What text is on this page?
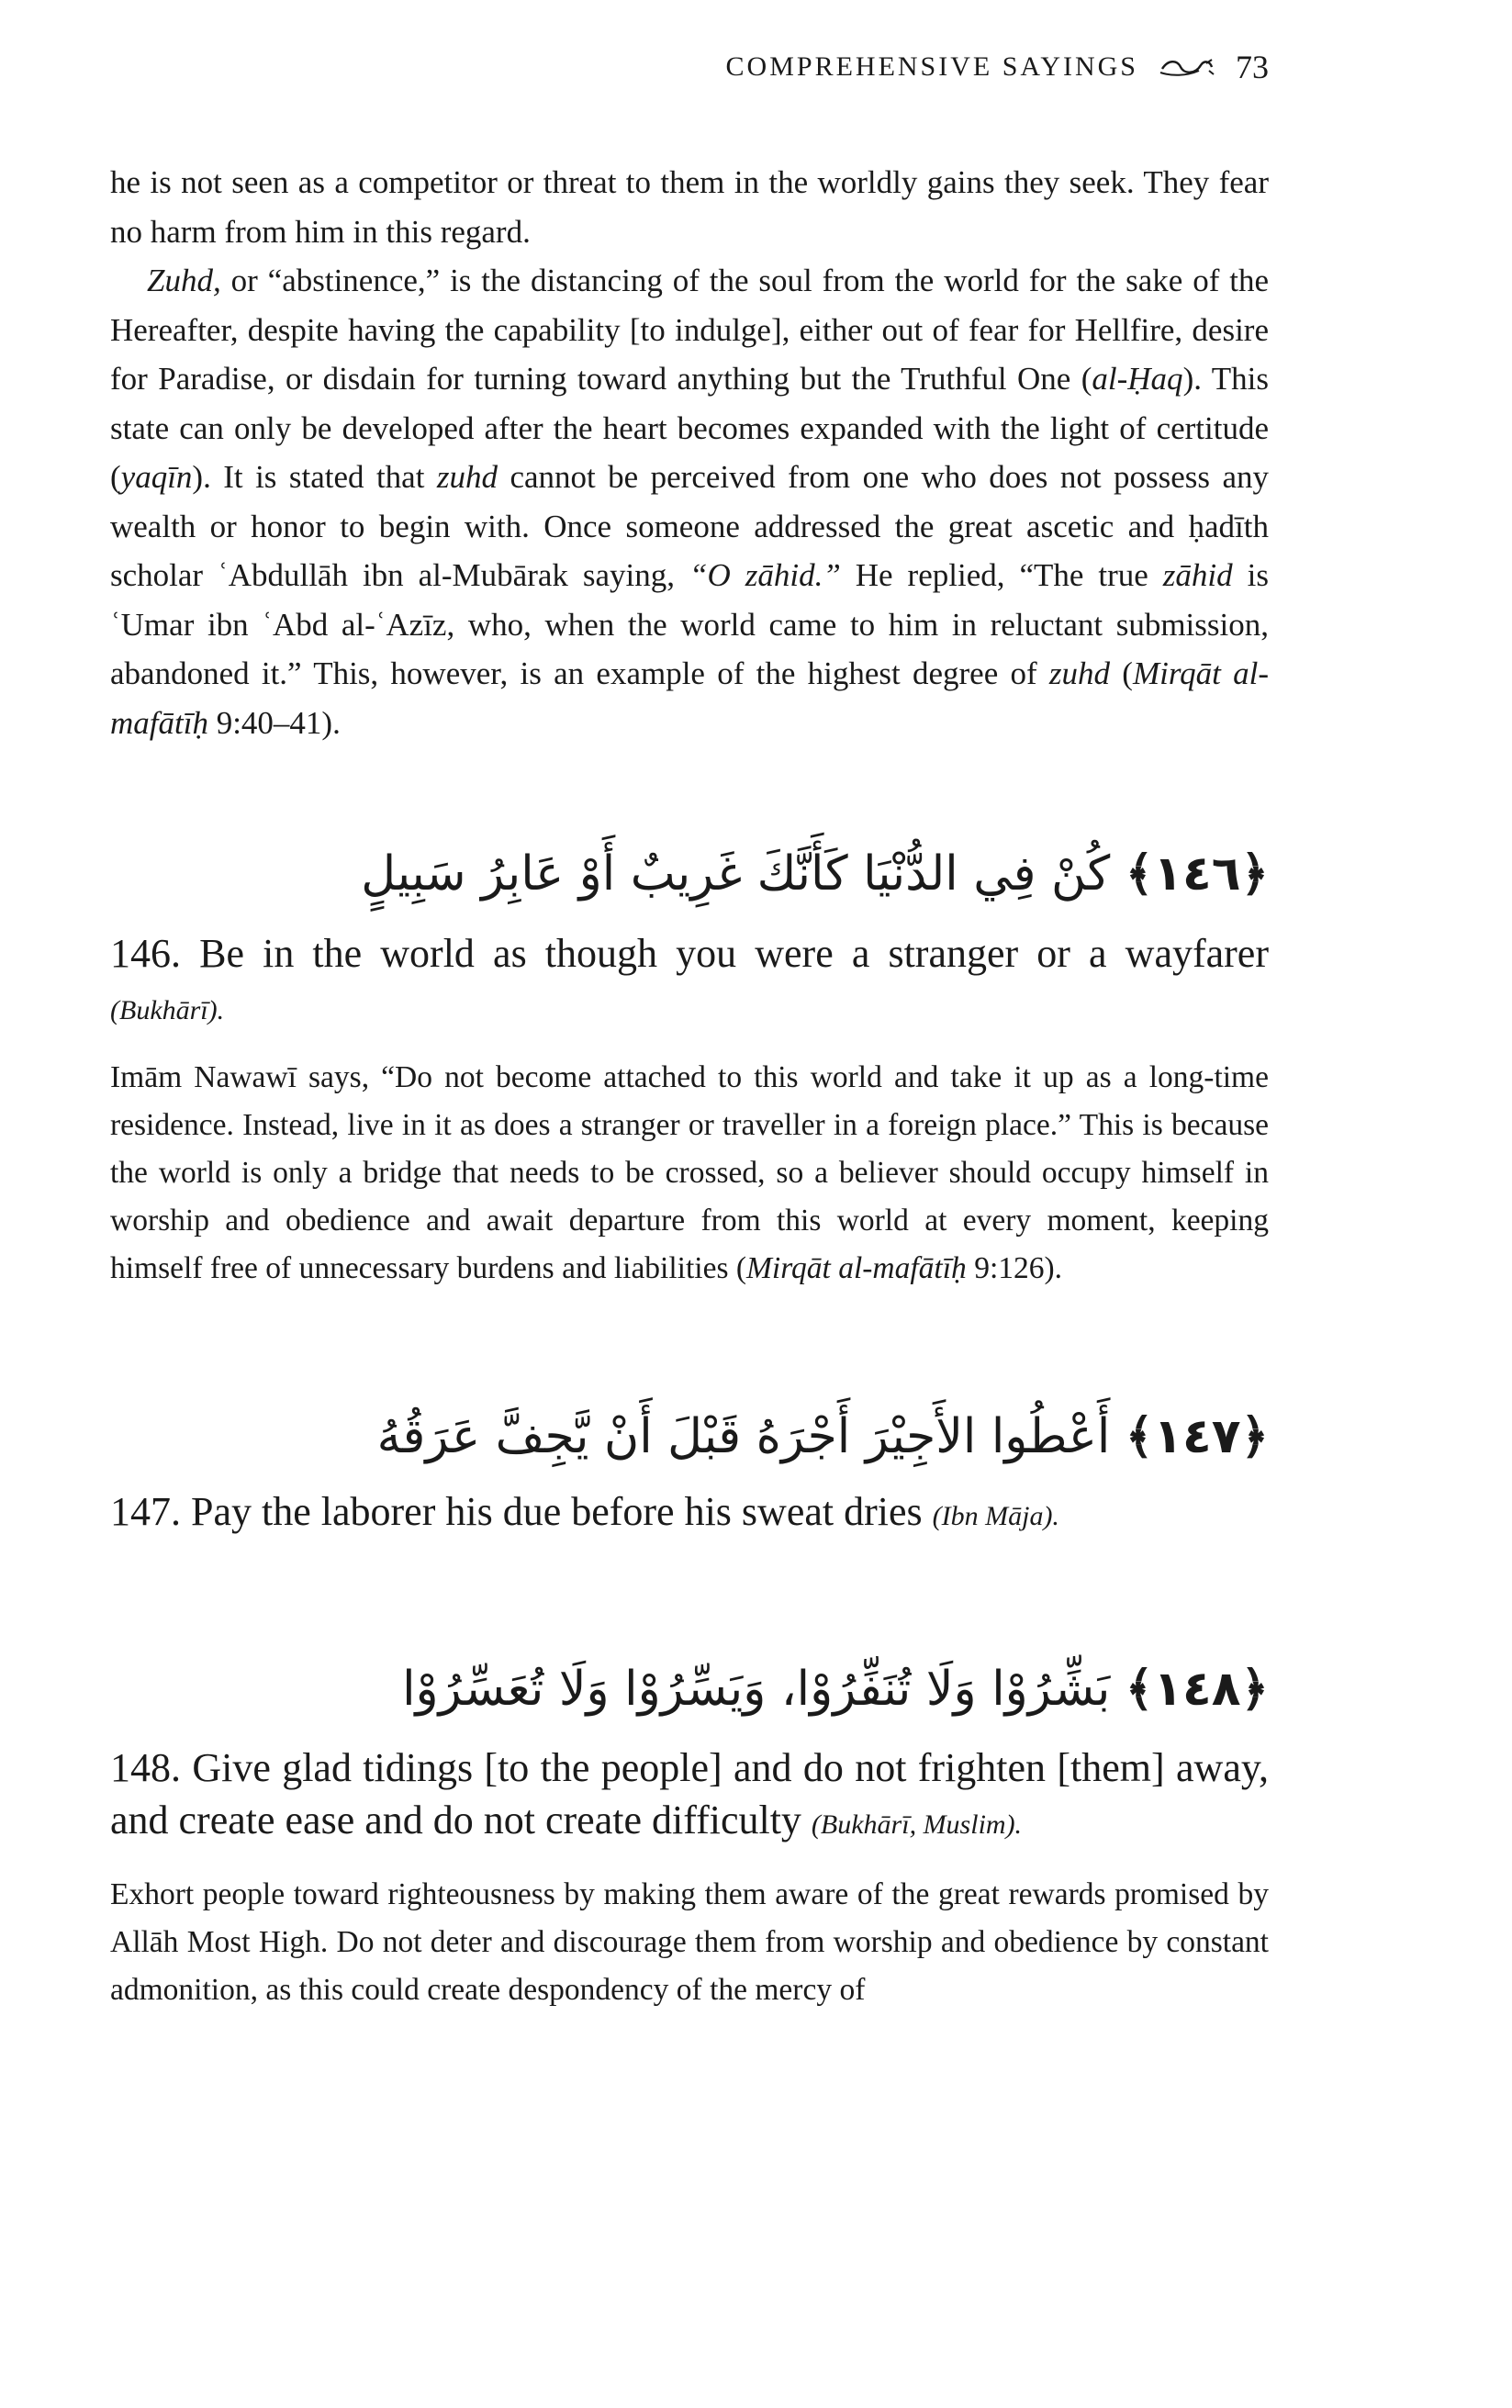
COMPREHENSIVE SAYINGS	73

he is not seen as a competitor or threat to them in the worldly gains they seek. They fear no harm from him in this regard.

Zuhd, or “abstinence,” is the distancing of the soul from the world for the sake of the Hereafter, despite having the capability [to indulge], either out of fear for Hellfire, desire for Paradise, or disdain for turning toward anything but the Truthful One (al-Ḥaq). This state can only be developed after the heart becomes expanded with the light of certitude (yaqīn). It is stated that zuhd cannot be perceived from one who does not possess any wealth or honor to begin with. Once someone addressed the great ascetic and ḥadīth scholar ʿAbdullāh ibn al-Mubārak saying, “O zāhid.” He replied, “The true zāhid is ʿUmar ibn ʿAbd al-ʿAzīz, who, when the world came to him in reluctant submission, abandoned it.” This, however, is an example of the highest degree of zuhd (Mirqāt al-mafātīḥ 9:40–41).

﴿١٤٦﴾ كُنْ فِي الدُّنْيَا كَأَنَّكَ غَرِيبٌ أَوْ عَابِرُ سَبِيلٍ
146. Be in the world as though you were a stranger or a wayfarer (Bukhārī).

Imām Nawawī says, “Do not become attached to this world and take it up as a long-time residence. Instead, live in it as does a stranger or traveller in a foreign place.” This is because the world is only a bridge that needs to be crossed, so a believer should occupy himself in worship and obedience and await departure from this world at every moment, keeping himself free of unnecessary burdens and liabilities (Mirqāt al-mafātīḥ 9:126).

﴿١٤٧﴾ أَعْطُوا الأَجِيْرَ أَجْرَهُ قَبْلَ أَنْ يَّجِفَّ عَرَقُهُ
147. Pay the laborer his due before his sweat dries (Ibn Māja).
﴿١٤٨﴾ بَشِّرُوْا وَلَا تُنَفِّرُوْا، وَيَسِّرُوْا وَلَا تُعَسِّرُوْا
148. Give glad tidings [to the people] and do not frighten [them] away, and create ease and do not create difficulty (Bukhārī, Muslim).

Exhort people toward righteousness by making them aware of the great rewards promised by Allāh Most High. Do not deter and discourage them from worship and obedience by constant admonition, as this could create despondency of the mercy of
